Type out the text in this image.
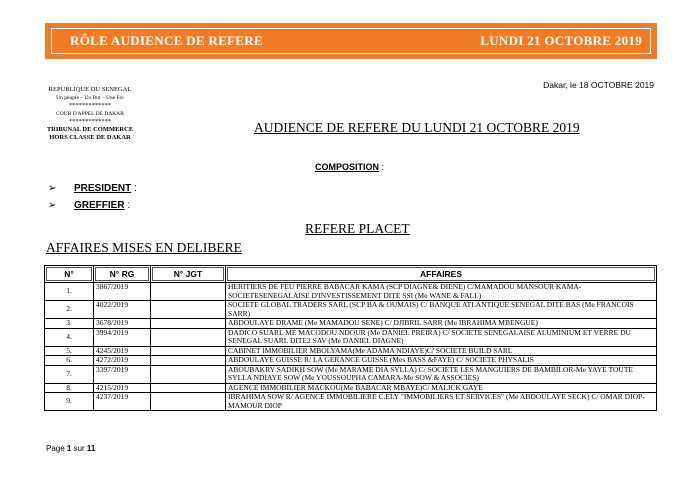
RÔLE AUDIENCE DE REFERE	LUNDI 21 OCTOBRE 2019
Dakar, le 18 OCTOBRE 2019
REPUBLIQUE DU SENEGAL
Un peuple – Un But – Une Foi
*************
COUR D'APPEL DE DAKAR
*************
TRIBUNAL DE COMMERCE
HORS CLASSE DE DAKAR
AUDIENCE DE REFERE DU LUNDI 21 OCTOBRE 2019
COMPOSITION :
➢ PRESIDENT :
➢ GREFFIER :
REFERE PLACET
AFFAIRES MISES EN DELIBERE
N°	N° RG	N° JGT	AFFAIRES

1.	3867/2019		HERITIERS DE FEU PIERRE BABACAR KAMA (SCP DIAGNE& DIENE) C/MAMADOU MANSOUR KAMA-SOCIETESENEGALAISE D'INVESTISSEMENT DITE SSI (Me WANE & FALL)
2.	4022/2019		SOCIETE GLOBAL TRADERS SARL (SCP BA & OUMAIS) C/ BANQUE ATLANTIQUE SENEGAL DITE BAS (Me FRANCOIS SARR)
3.	3678/2019		ABDOULAYE DRAME (Me MAMADOU SENE) C/ DJIBRIL SARR (Me IBRAHIMA MBENGUE)
4.	3994/2019		DADICO SUARL ME MACODOU NDOUR (Me DANIEL PREIRA) C/ SOCIETE SENEGALAISE ALUMINIUM ET VERRE DU SENEGAL SUARL DITE2 SAV (Me DANIEL DIAGNE)
5.	4245/2019		CABINET IMMOBILIER MBOLYAMA(Me ADAMA NDIAYE)C/ SOCIETE BUILD SARL
6.	4272/2019		ABDOULAYE GUISSE R/ LA GERANCE GUISSE (Mes BASS &FAYE) C/ SOCIETE PHYSALIS
7.	3397/2019		ABOUBAKRY SADIKH SOW (Me MARAME DIA SYLLA) C/ SOCIETE LES MANGUIERS DE BAMBILOR-Me YAYE TOUTE SYLLA NDIAYE SOW (Me YOUSSOUPHA CAMARA-Me SOW & ASSOCIES)
8.	4215/2019		AGENCE IMMOBILIER MACKOU(Me BABACAR MBAYE)C/ MALICK GAYE
9.	4237/2019		IBRAHIMA SOW R/ AGENCE IMMOBILIERE C.ELY "IMMOBILIERS ET SERVICES" (Me ABDOULAYE SECK) C/ OMAR DIOP-MAMOUR DIOP
Page 1 sur 11
